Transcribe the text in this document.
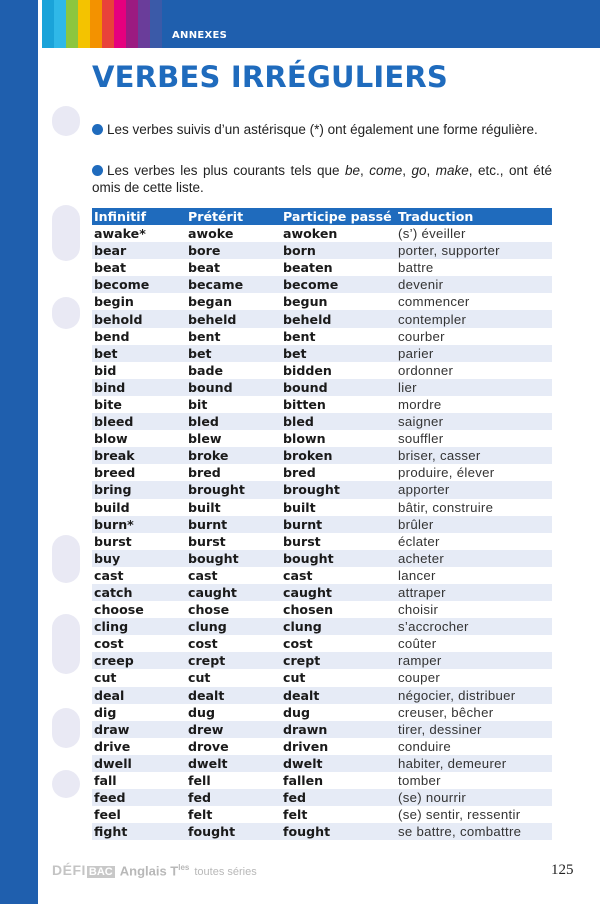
ANNEXES
VERBES IRRÉGULIERS

Les verbes suivis d’un astérisque (*) ont également une forme régulière.

Les verbes les plus courants tels que be, come, go, make, etc., ont été omis de cette liste.

Infinitif	Prétérit	Participe passé	Traduction
awake*	awoke	awoken	(s’) éveiller
bear	bore	born	porter, supporter
beat	beat	beaten	battre
become	became	become	devenir
begin	began	begun	commencer
behold	beheld	beheld	contempler
bend	bent	bent	courber
bet	bet	bet	parier
bid	bade	bidden	ordonner
bind	bound	bound	lier
bite	bit	bitten	mordre
bleed	bled	bled	saigner
blow	blew	blown	souffler
break	broke	broken	briser, casser
breed	bred	bred	produire, élever
bring	brought	brought	apporter
build	built	built	bâtir, construire
burn*	burnt	burnt	brûler
burst	burst	burst	éclater
buy	bought	bought	acheter
cast	cast	cast	lancer
catch	caught	caught	attraper
choose	chose	chosen	choisir
cling	clung	clung	s’accrocher
cost	cost	cost	coûter
creep	crept	crept	ramper
cut	cut	cut	couper
deal	dealt	dealt	négocier, distribuer
dig	dug	dug	creuser, bêcher
draw	drew	drawn	tirer, dessiner
drive	drove	driven	conduire
dwell	dwelt	dwelt	habiter, demeurer
fall	fell	fallen	tomber
feed	fed	fed	(se) nourrir
feel	felt	felt	(se) sentir, ressentir
fight	fought	fought	se battre, combattre
DÉFI BAC Anglais $T^{les}$ toutes séries	125
